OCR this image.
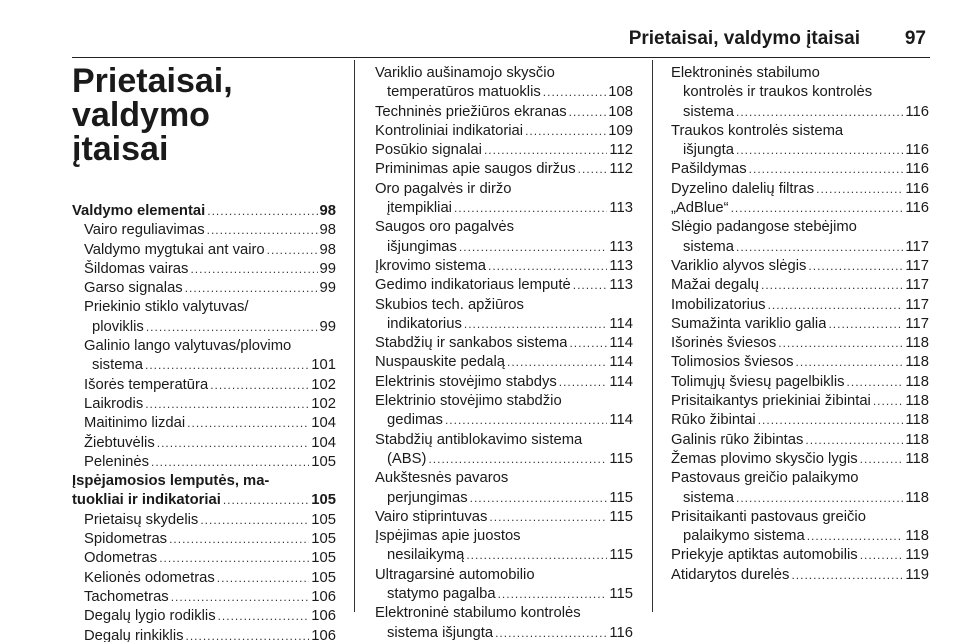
Prietaisai, valdymo įtaisai 97
Prietaisai, valdymo
įtaisai
Valdymo elementai .....	98
Vairo reguliavimas .....	98
Valdymo mygtukai ant vairo .....	98
Šildomas vairas .....	99
Garso signalas .....	99
Priekinio stiklo valytuvas/
ploviklis .....	99
Galinio lango valytuvas/plovimo
sistema .....	101
Išorės temperatūra .....	102
Laikrodis .....	102
Maitinimo lizdai .....	104
Žiebtuvėlis .....	104
Peleninės .....	105
Įspėjamosios lemputės, ma-
tuokliai ir indikatoriai .....	105
Prietaisų skydelis .....	105
Spidometras .....	105
Odometras .....	105
Kelionės odometras .....	105
Tachometras .....	106
Degalų lygio rodiklis .....	106
Degalų rinkiklis .....	106
Variklio aušinamojo skysčio
temperatūros matuoklis .....	108
Techninės priežiūros ekranas .....	108
Kontroliniai indikatoriai .....	109
Posūkio signalai .....	112
Priminimas apie saugos diržus ..... 112
Oro pagalvės ir diržo
įtempikliai .....	113
Saugos oro pagalvės
išjungimas .....	113
Įkrovimo sistema .....	113
Gedimo indikatoriaus lemputė .....	113
Skubios tech. apžiūros
indikatorius .....	114
Stabdžių ir sankabos sistema .....	114
Nuspauskite pedalą .....	114
Elektrinis stovėjimo stabdys .....	114
Elektrinio stovėjimo stabdžio
gedimas .....	114
Stabdžių antiblokavimo sistema
(ABS) .....	115
Aukštesnės pavaros
perjungimas .....	115
Vairo stiprintuvas .....	115
Įspėjimas apie juostos
nesilaikymą .....	115
Ultragarsinė automobilio
statymo pagalba .....	115
Elektroninė stabilumo kontrolės
sistema išjungta .....	116
Elektroninės stabilumo
kontrolės ir traukos kontrolės
sistema .....	116
Traukos kontrolės sistema
išjungta .....	116
Pašildymas .....	116
Dyzelino dalelių filtras .....	116
„AdBlue“ .....	116
Slėgio padangose stebėjimo
sistema .....	117
Variklio alyvos slėgis .....	117
Mažai degalų .....	117
Imobilizatorius .....	117
Sumažinta variklio galia .....	117
Išorinės šviesos .....	118
Tolimosios šviesos .....	118
Tolimųjų šviesų pagelbiklis .....	118
Prisitaikantys priekiniai žibintai ..... 118
Rūko žibintai .....	118
Galinis rūko žibintas .....	118
Žemas plovimo skysčio lygis .....	118
Pastovaus greičio palaikymo
sistema .....	118
Prisitaikanti pastovaus greičio
palaikymo sistema .....	118
Priekyje aptiktas automobilis .....	119
Atidarytos durelės .....	119
